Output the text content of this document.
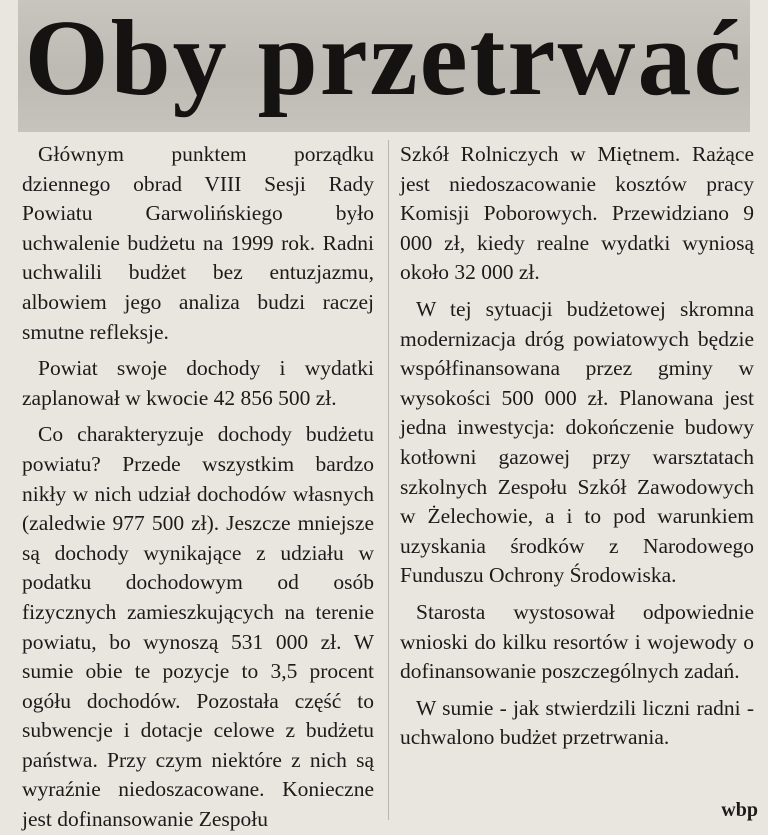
Oby przetrwać

Głównym punktem porządku dziennego obrad VIII Sesji Rady Powiatu Garwolińskiego było uchwalenie budżetu na 1999 rok. Radni uchwalili budżet bez entuzjazmu, albowiem jego analiza budzi raczej smutne refleksje.

Powiat swoje dochody i wydatki zaplanował w kwocie 42 856 500 zł.

Co charakteryzuje dochody budżetu powiatu? Przede wszystkim bardzo nikły w nich udział dochodów własnych (zaledwie 977 500 zł). Jeszcze mniejsze są dochody wynikające z udziału w podatku dochodowym od osób fizycznych zamieszkujących na terenie powiatu, bo wynoszą 531 000 zł. W sumie obie te pozycje to 3,5 procent ogółu dochodów. Pozostała część to subwencje i dotacje celowe z budżetu państwa. Przy czym niektóre z nich są wyraźnie niedoszacowane. Konieczne jest dofinansowanie Zespołu

Szkół Rolniczych w Miętnem. Rażące jest niedoszacowanie kosztów pracy Komisji Poborowych. Przewidziano 9 000 zł, kiedy realne wydatki wyniosą około 32 000 zł.

W tej sytuacji budżetowej skromna modernizacja dróg powiatowych będzie współfinansowana przez gminy w wysokości 500 000 zł. Planowana jest jedna inwestycja: dokończenie budowy kotłowni gazowej przy warsztatach szkolnych Zespołu Szkół Zawodowych w Żelechowie, a i to pod warunkiem uzyskania środków z Narodowego Funduszu Ochrony Środowiska.

Starosta wystosował odpowiednie wnioski do kilku resortów i wojewody o dofinansowanie poszczególnych zadań.

W sumie - jak stwierdzili liczni radni - uchwalono budżet przetrwania.

wbp
